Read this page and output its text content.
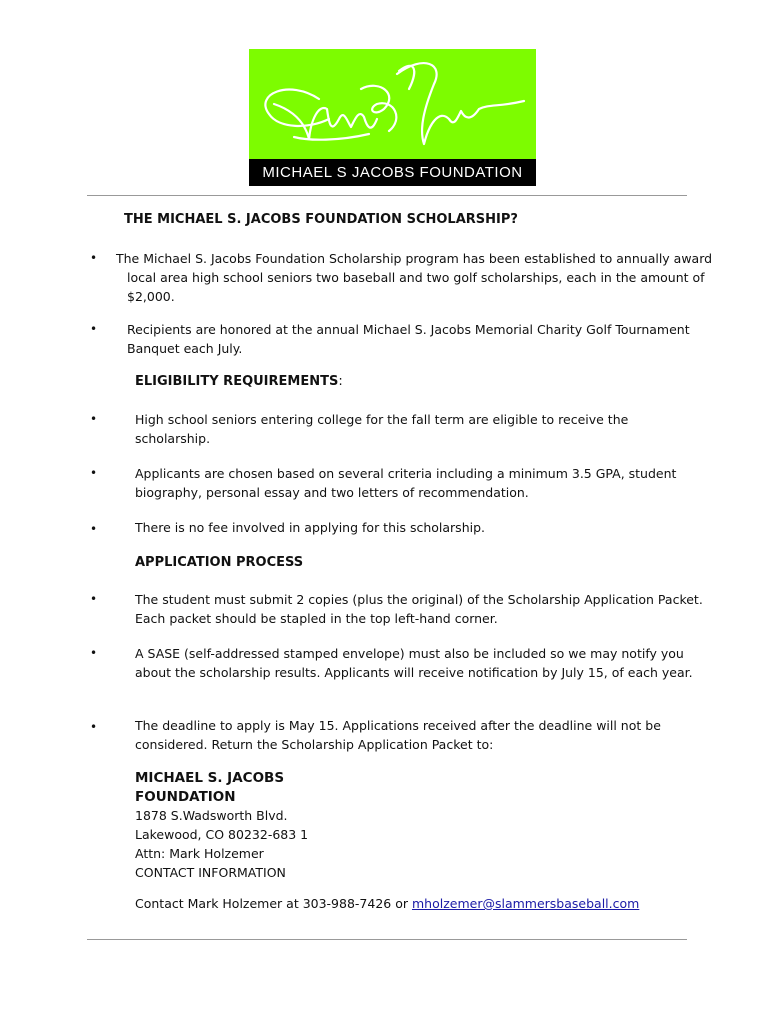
MICHAEL S JACOBS FOUNDATION
THE MICHAEL S. JACOBS FOUNDATION SCHOLARSHIP?
• The Michael S. Jacobs Foundation Scholarship program has been established to annually award
local area high school seniors two baseball and two golf scholarships, each in the amount of
$2,000.
• Recipients are honored at the annual Michael S. Jacobs Memorial Charity Golf Tournament
Banquet each July.
ELIGIBILITY REQUIREMENTS:
•	High school seniors entering college for the fall term are eligible to receive the
scholarship.
•	Applicants are chosen based on several criteria including a minimum 3.5 GPA, student
biography, personal essay and two letters of recommendation.
•	There is no fee involved in applying for this scholarship.
APPLICATION PROCESS
•	The student must submit 2 copies (plus the original) of the Scholarship Application Packet.
Each packet should be stapled in the top left-hand corner.
•	A SASE (self-addressed stamped envelope) must also be included so we may notify you
about the scholarship results. Applicants will receive notification by July 15, of each year.
•	The deadline to apply is May 15. Applications received after the deadline will not be
considered. Return the Scholarship Application Packet to:
MICHAEL S. JACOBS
FOUNDATION
1878 S.Wadsworth Blvd.
Lakewood, CO 80232-683 1
Attn: Mark Holzemer
CONTACT INFORMATION
Contact Mark Holzemer at 303-988-7426 or mholzemer@slammersbaseball.com
